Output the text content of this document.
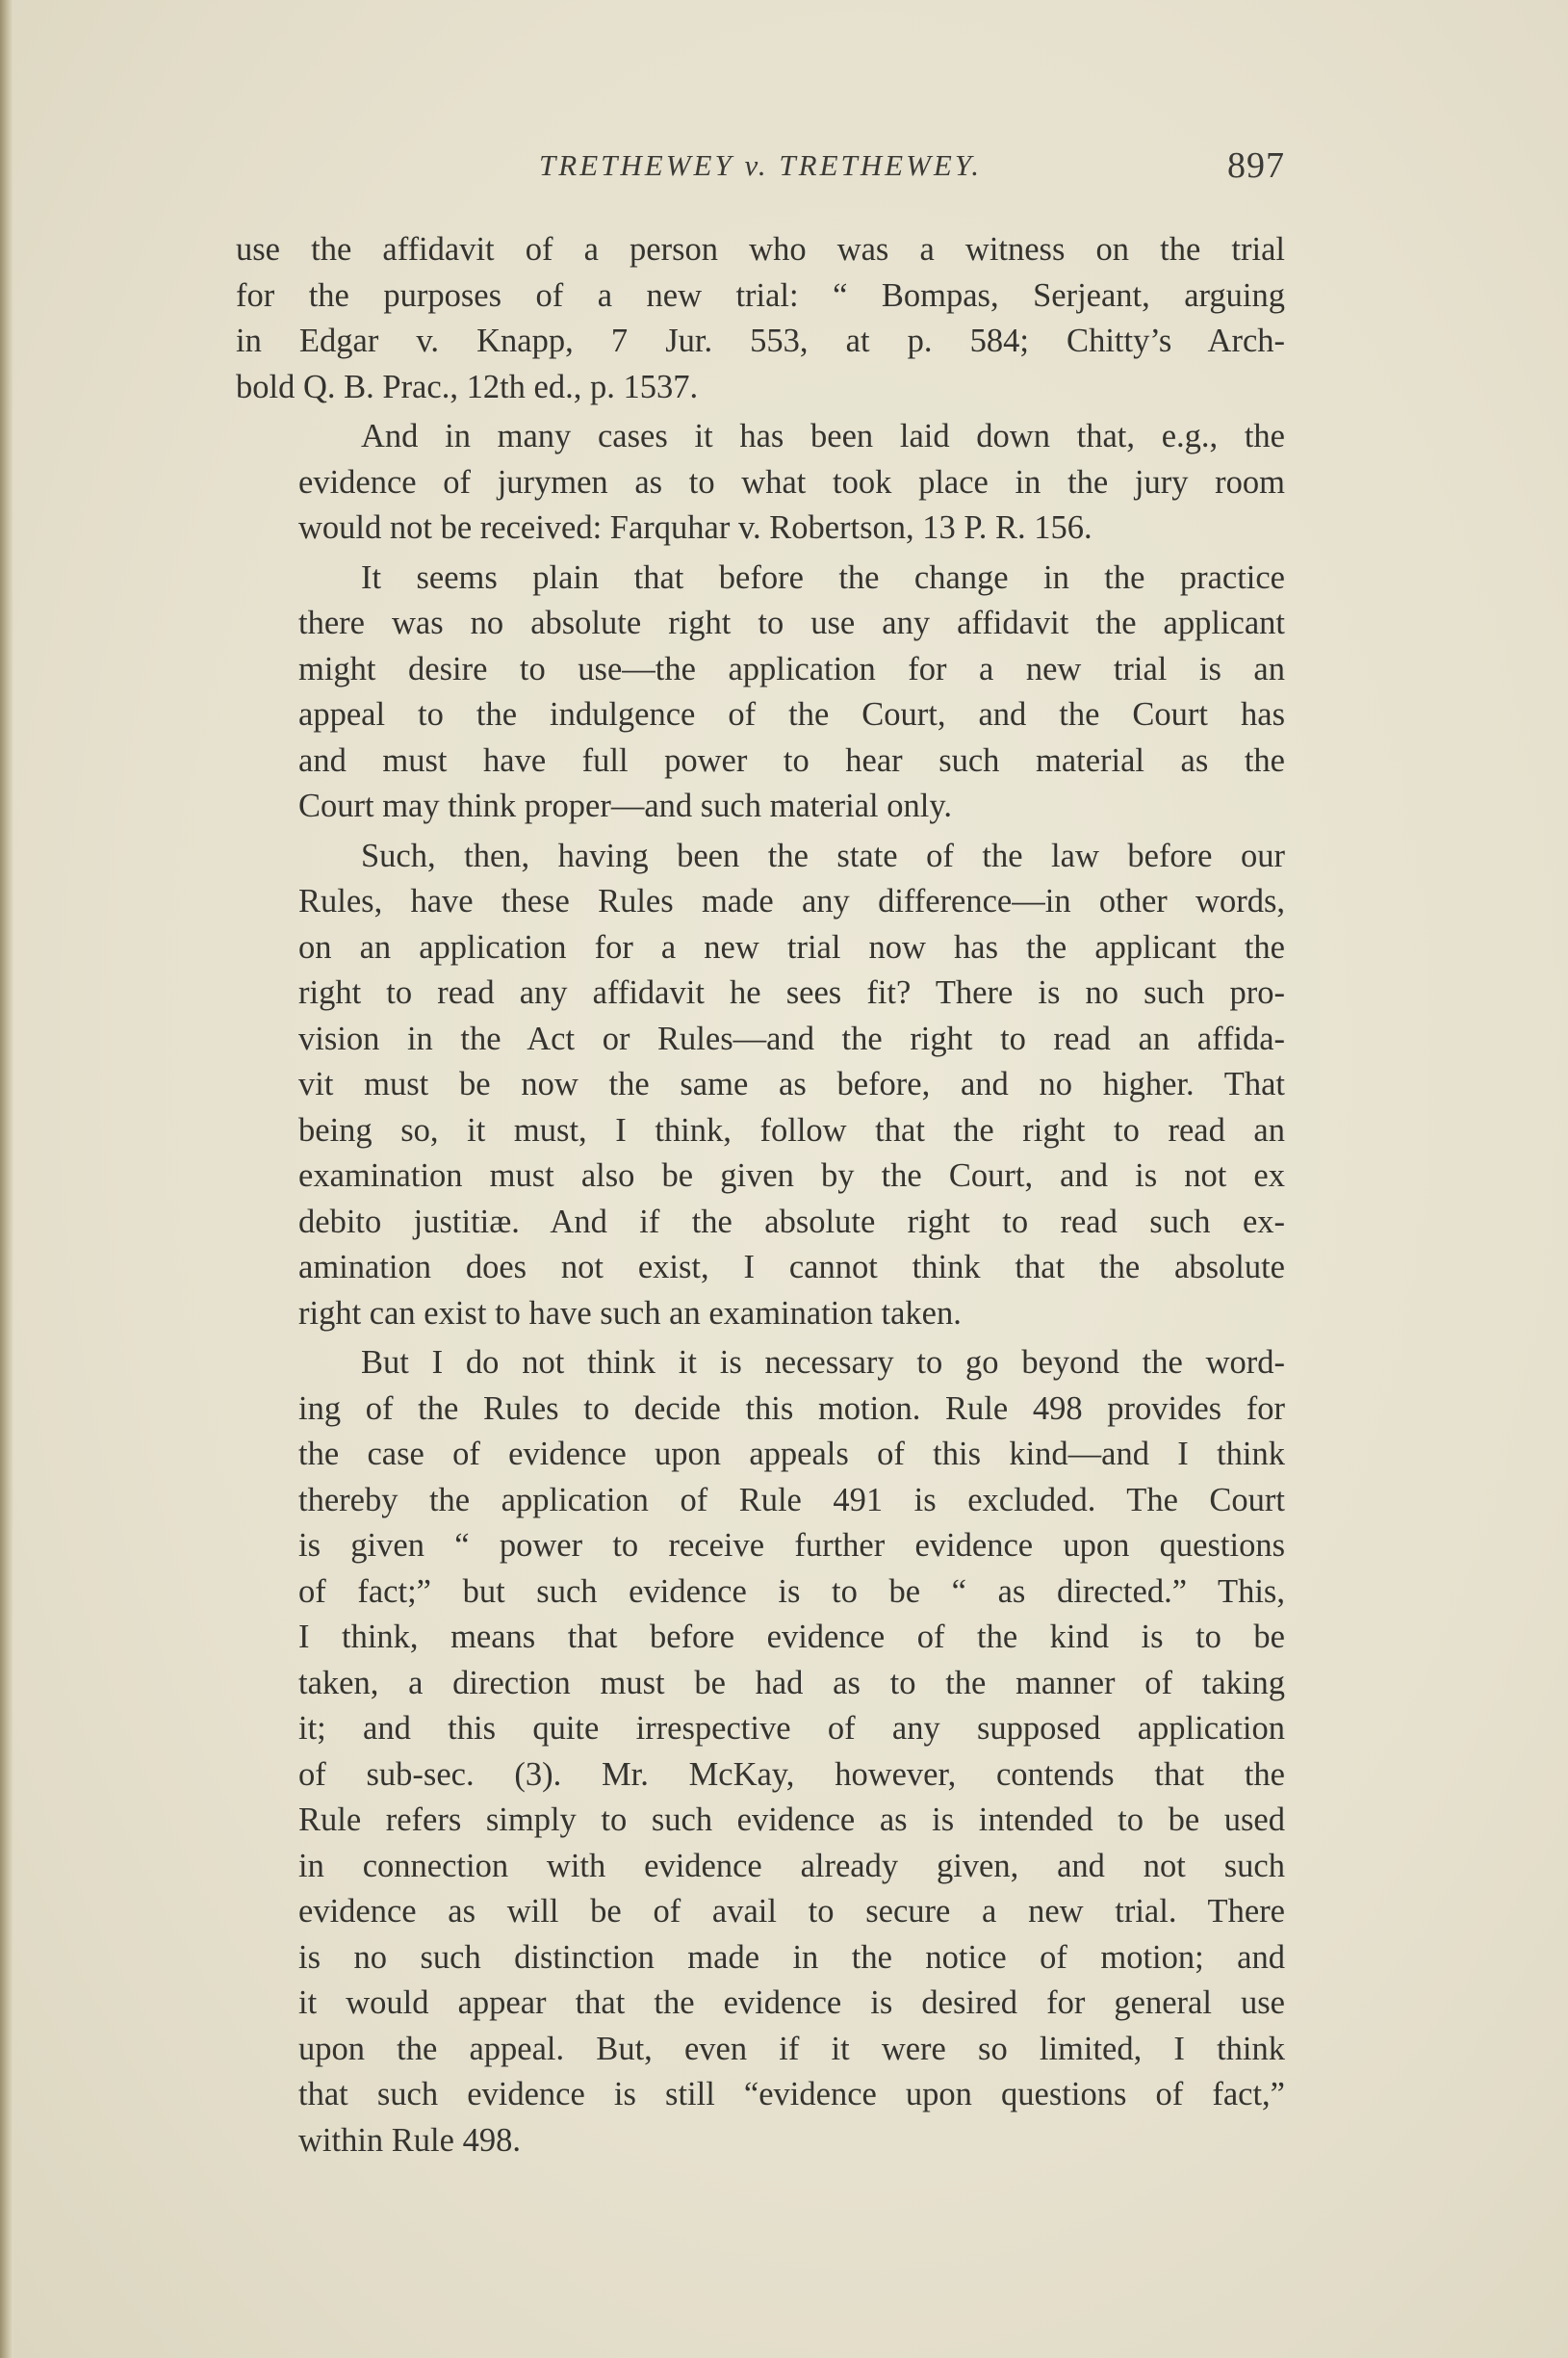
TRETHEWEY v. TRETHEWEY.	897
use the affidavit of a person who was a witness on the trial
for the purposes of a new trial: “ Bompas, Serjeant, arguing
in Edgar v. Knapp, 7 Jur. 553, at p. 584; Chitty’s Arch-
bold Q. B. Prac., 12th ed., p. 1537.
And in many cases it has been laid down that, e.g., the
evidence of jurymen as to what took place in the jury room
would not be received: Farquhar v. Robertson, 13 P. R. 156.
It seems plain that before the change in the practice
there was no absolute right to use any affidavit the applicant
might desire to use—the application for a new trial is an
appeal to the indulgence of the Court, and the Court has
and must have full power to hear such material as the
Court may think proper—and such material only.
Such, then, having been the state of the law before our
Rules, have these Rules made any difference—in other words,
on an application for a new trial now has the applicant the
right to read any affidavit he sees fit? There is no such pro-
vision in the Act or Rules—and the right to read an affida-
vit must be now the same as before, and no higher. That
being so, it must, I think, follow that the right to read an
examination must also be given by the Court, and is not ex
debito justitiæ. And if the absolute right to read such ex-
amination does not exist, I cannot think that the absolute
right can exist to have such an examination taken.
But I do not think it is necessary to go beyond the word-
ing of the Rules to decide this motion. Rule 498 provides for
the case of evidence upon appeals of this kind—and I think
thereby the application of Rule 491 is excluded. The Court
is given “ power to receive further evidence upon questions
of fact;” but such evidence is to be “ as directed.” This,
I think, means that before evidence of the kind is to be
taken, a direction must be had as to the manner of taking
it; and this quite irrespective of any supposed application
of sub-sec. (3). Mr. McKay, however, contends that the
Rule refers simply to such evidence as is intended to be used
in connection with evidence already given, and not such
evidence as will be of avail to secure a new trial. There
is no such distinction made in the notice of motion; and
it would appear that the evidence is desired for general use
upon the appeal. But, even if it were so limited, I think
that such evidence is still “evidence upon questions of fact,”
within Rule 498.
